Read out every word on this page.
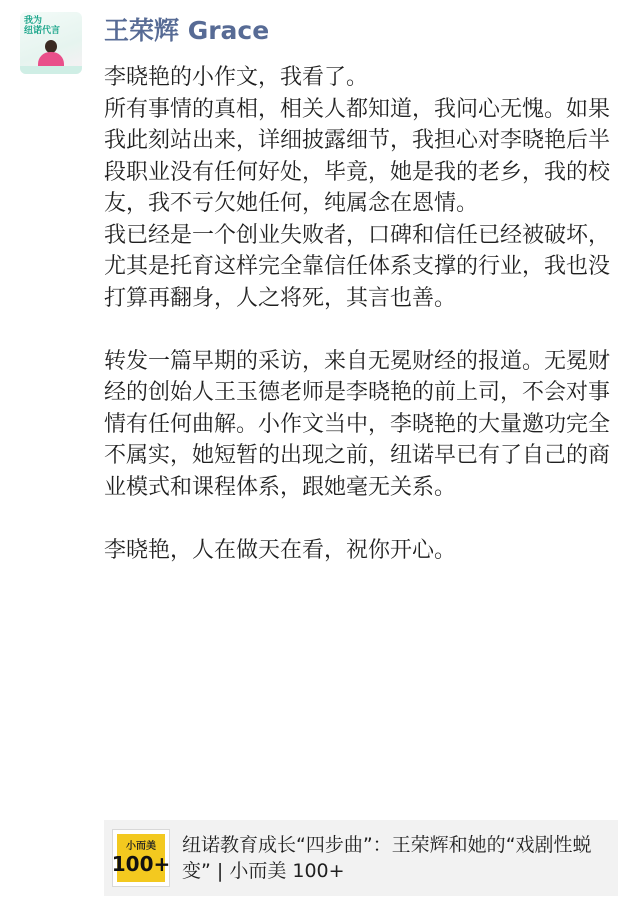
我为
纽诺代言	王荣辉 Grace

李晓艳的小作文，我看了。

所有事情的真相，相关人都知道，我问心无愧。如果我此刻站出来，详细披露细节，我担心对李晓艳后半段职业没有任何好处，毕竟，她是我的老乡，我的校友，我不亏欠她任何，纯属念在恩情。

我已经是一个创业失败者，口碑和信任已经被破坏，尤其是托育这样完全靠信任体系支撑的行业，我也没打算再翻身，人之将死，其言也善。

转发一篇早期的采访，来自无冕财经的报道。无冕财经的创始人王玉德老师是李晓艳的前上司，不会对事情有任何曲解。小作文当中，李晓艳的大量邀功完全不属实，她短暂的出现之前，纽诺早已有了自己的商业模式和课程体系，跟她毫无关系。

李晓艳，人在做天在看，祝你开心。

小而美
100+
纽诺教育成长“四步曲”：王荣辉和她的“戏剧性蜕变” | 小而美 100+
